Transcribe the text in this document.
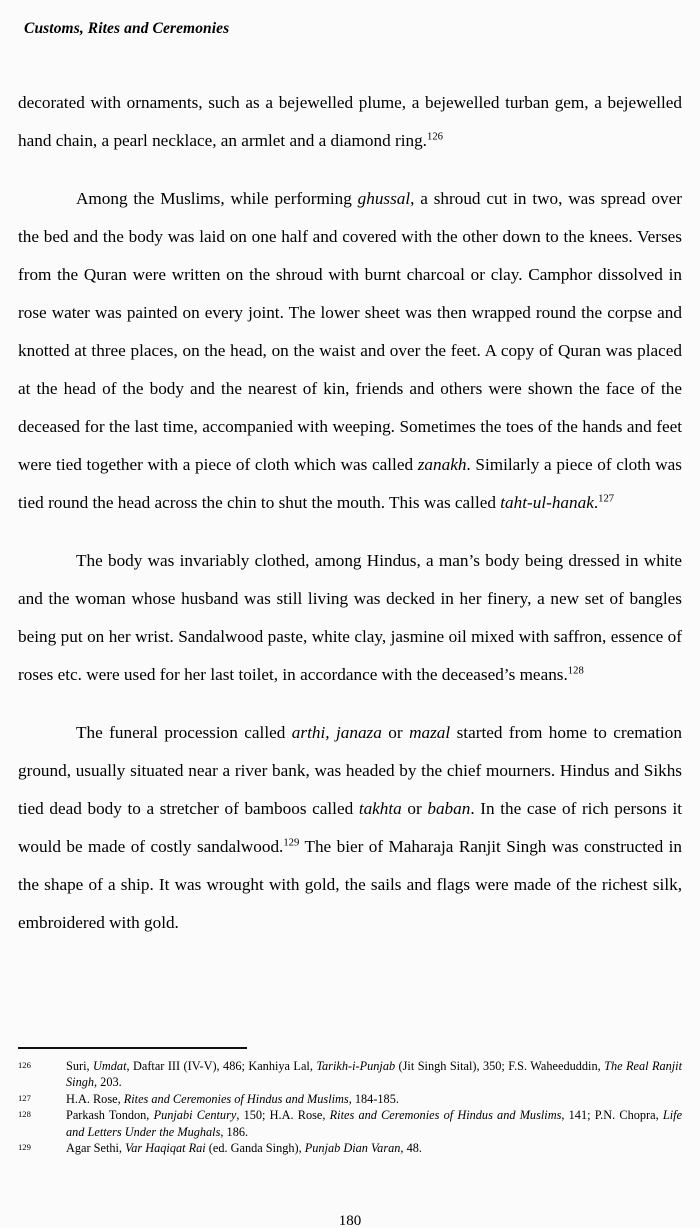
Customs, Rites and Ceremonies

decorated with ornaments, such as a bejewelled plume, a bejewelled turban gem, a bejewelled hand chain, a pearl necklace, an armlet and a diamond ring.$^{126}$

Among the Muslims, while performing ghussal, a shroud cut in two, was spread over the bed and the body was laid on one half and covered with the other down to the knees. Verses from the Quran were written on the shroud with burnt charcoal or clay. Camphor dissolved in rose water was painted on every joint. The lower sheet was then wrapped round the corpse and knotted at three places, on the head, on the waist and over the feet. A copy of Quran was placed at the head of the body and the nearest of kin, friends and others were shown the face of the deceased for the last time, accompanied with weeping. Sometimes the toes of the hands and feet were tied together with a piece of cloth which was called zanakh. Similarly a piece of cloth was tied round the head across the chin to shut the mouth. This was called taht-ul-hanak.$^{127}$

The body was invariably clothed, among Hindus, a man’s body being dressed in white and the woman whose husband was still living was decked in her finery, a new set of bangles being put on her wrist. Sandalwood paste, white clay, jasmine oil mixed with saffron, essence of roses etc. were used for her last toilet, in accordance with the deceased’s means.$^{128}$

The funeral procession called arthi, janaza or mazal started from home to cremation ground, usually situated near a river bank, was headed by the chief mourners. Hindus and Sikhs tied dead body to a stretcher of bamboos called takhta or baban. In the case of rich persons it would be made of costly sandalwood.$^{129}$ The bier of Maharaja Ranjit Singh was constructed in the shape of a ship. It was wrought with gold, the sails and flags were made of the richest silk, embroidered with gold.

126	Suri, Umdat, Daftar III (IV-V), 486; Kanhiya Lal, Tarikh-i-Punjab (Jit Singh Sital), 350; F.S. Waheeduddin, The Real Ranjit Singh, 203.
127	H.A. Rose, Rites and Ceremonies of Hindus and Muslims, 184-185.
128	Parkash Tondon, Punjabi Century, 150; H.A. Rose, Rites and Ceremonies of Hindus and Muslims, 141; P.N. Chopra, Life and Letters Under the Mughals, 186.
129	Agar Sethi, Var Haqiqat Rai (ed. Ganda Singh), Punjab Dian Varan, 48.
180
